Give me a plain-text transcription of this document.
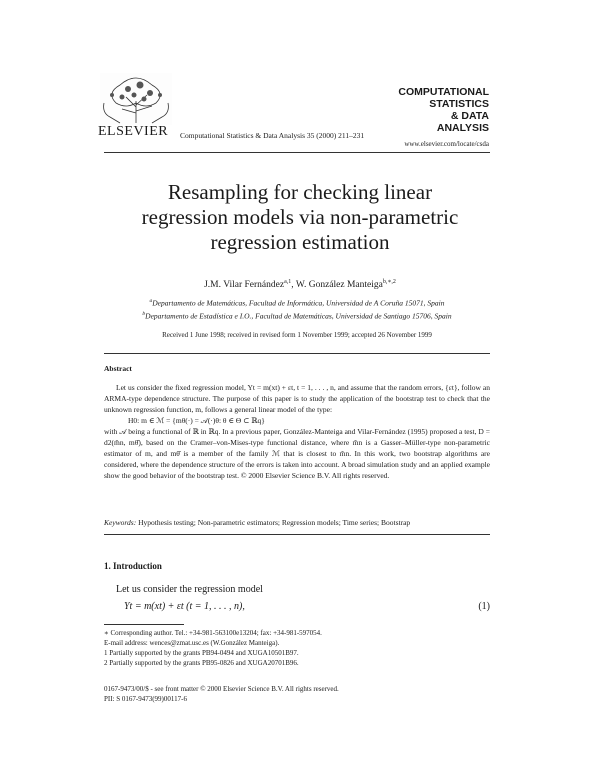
ELSEVIER Computational Statistics & Data Analysis 35 (2000) 211–231
COMPUTATIONAL
STATISTICS
& DATA ANALYSIS
www.elsevier.com/locate/csda
Resampling for checking linear
regression models via non-parametric
regression estimation
J.M. Vilar Fernández$^{a,1}$, W. González Manteiga$^{b,∗,2}$
$^a$Departamento de Matemáticas, Facultad de Informática, Universidad de A Coruña 15071, Spain
$^b$Departamento de Estadística e I.O., Facultad de Matemáticas, Universidad de Santiago 15706, Spain
Received 1 June 1998; received in revised form 1 November 1999; accepted 26 November 1999
Abstract
Let us consider the fixed regression model, Yt = m(xt) + εt, t = 1, . . . , n, and assume that the random errors, {εt}, follow an ARMA-type dependence structure. The purpose of this paper is to study the application of the bootstrap test to check that the unknown regression function, m, follows a general linear model of the type:
H0: m ∈ ℳ = {mθ(·) = 𝒜(·)θ: θ ∈ Θ ⊂ ℝq}
with 𝒜 being a functional of ℝ in ℝq. In a previous paper, González-Manteiga and Vilar-Fernández (1995) proposed a test, D = d2(m̂n, mθ̂), based on the Cramer–von-Mises-type functional distance, where m̂n is a Gasser–Müller-type non-parametric estimator of m, and mθ̂ is a member of the family ℳ that is closest to m̂n. In this work, two bootstrap algorithms are considered, where the dependence structure of the errors is taken into account. A broad simulation study and an applied example show the good behavior of the bootstrap test. © 2000 Elsevier Science B.V. All rights reserved.
Keywords: Hypothesis testing; Non-parametric estimators; Regression models; Time series; Bootstrap
1. Introduction
Let us consider the regression model
Yt = m(xt) + εt (t = 1, . . . , n),	(1)
∗ Corresponding author. Tel.: +34-981-563100e13204; fax: +34-981-597054.
E-mail address: wences@zmat.usc.es (W.González Manteiga).
1 Partially supported by the grants PB94-0494 and XUGA10501B97.
2 Partially supported by the grants PB95-0826 and XUGA20701B96.
0167-9473/00/$ - see front matter © 2000 Elsevier Science B.V. All rights reserved.
PII: S 0167-9473(99)00117-6
